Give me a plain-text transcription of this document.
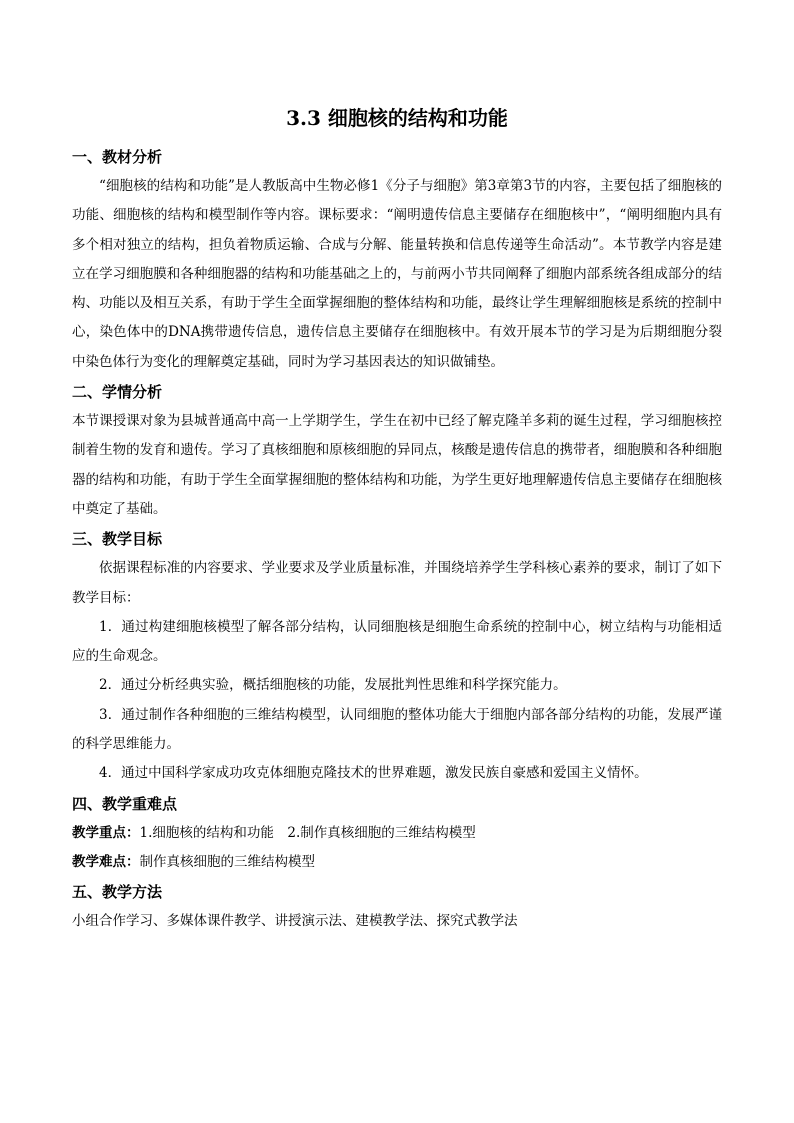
3.3 细胞核的结构和功能
一、教材分析

“细胞核的结构和功能”是人教版高中生物必修1《分子与细胞》第3章第3节的内容，主要包括了细胞核的功能、细胞核的结构和模型制作等内容。课标要求：“阐明遗传信息主要储存在细胞核中”，“阐明细胞内具有多个相对独立的结构，担负着物质运输、合成与分解、能量转换和信息传递等生命活动”。本节教学内容是建立在学习细胞膜和各种细胞器的结构和功能基础之上的，与前两小节共同阐释了细胞内部系统各组成部分的结构、功能以及相互关系，有助于学生全面掌握细胞的整体结构和功能，最终让学生理解细胞核是系统的控制中心，染色体中的DNA携带遗传信息，遗传信息主要储存在细胞核中。有效开展本节的学习是为后期细胞分裂中染色体行为变化的理解奠定基础，同时为学习基因表达的知识做铺垫。

二、学情分析

本节课授课对象为县城普通高中高一上学期学生，学生在初中已经了解克隆羊多莉的诞生过程，学习细胞核控制着生物的发育和遗传。学习了真核细胞和原核细胞的异同点，核酸是遗传信息的携带者，细胞膜和各种细胞器的结构和功能，有助于学生全面掌握细胞的整体结构和功能，为学生更好地理解遗传信息主要储存在细胞核中奠定了基础。

三、教学目标

依据课程标准的内容要求、学业要求及学业质量标准，并围绕培养学生学科核心素养的要求，制订了如下教学目标：

1．通过构建细胞核模型了解各部分结构，认同细胞核是细胞生命系统的控制中心，树立结构与功能相适应的生命观念。

2．通过分析经典实验，概括细胞核的功能，发展批判性思维和科学探究能力。

3．通过制作各种细胞的三维结构模型，认同细胞的整体功能大于细胞内部各部分结构的功能，发展严谨的科学思维能力。

4．通过中国科学家成功攻克体细胞克隆技术的世界难题，激发民族自豪感和爱国主义情怀。

四、教学重难点

教学重点：1.细胞核的结构和功能　2.制作真核细胞的三维结构模型

教学难点：制作真核细胞的三维结构模型

五、教学方法

小组合作学习、多媒体课件教学、讲授演示法、建模教学法、探究式教学法
